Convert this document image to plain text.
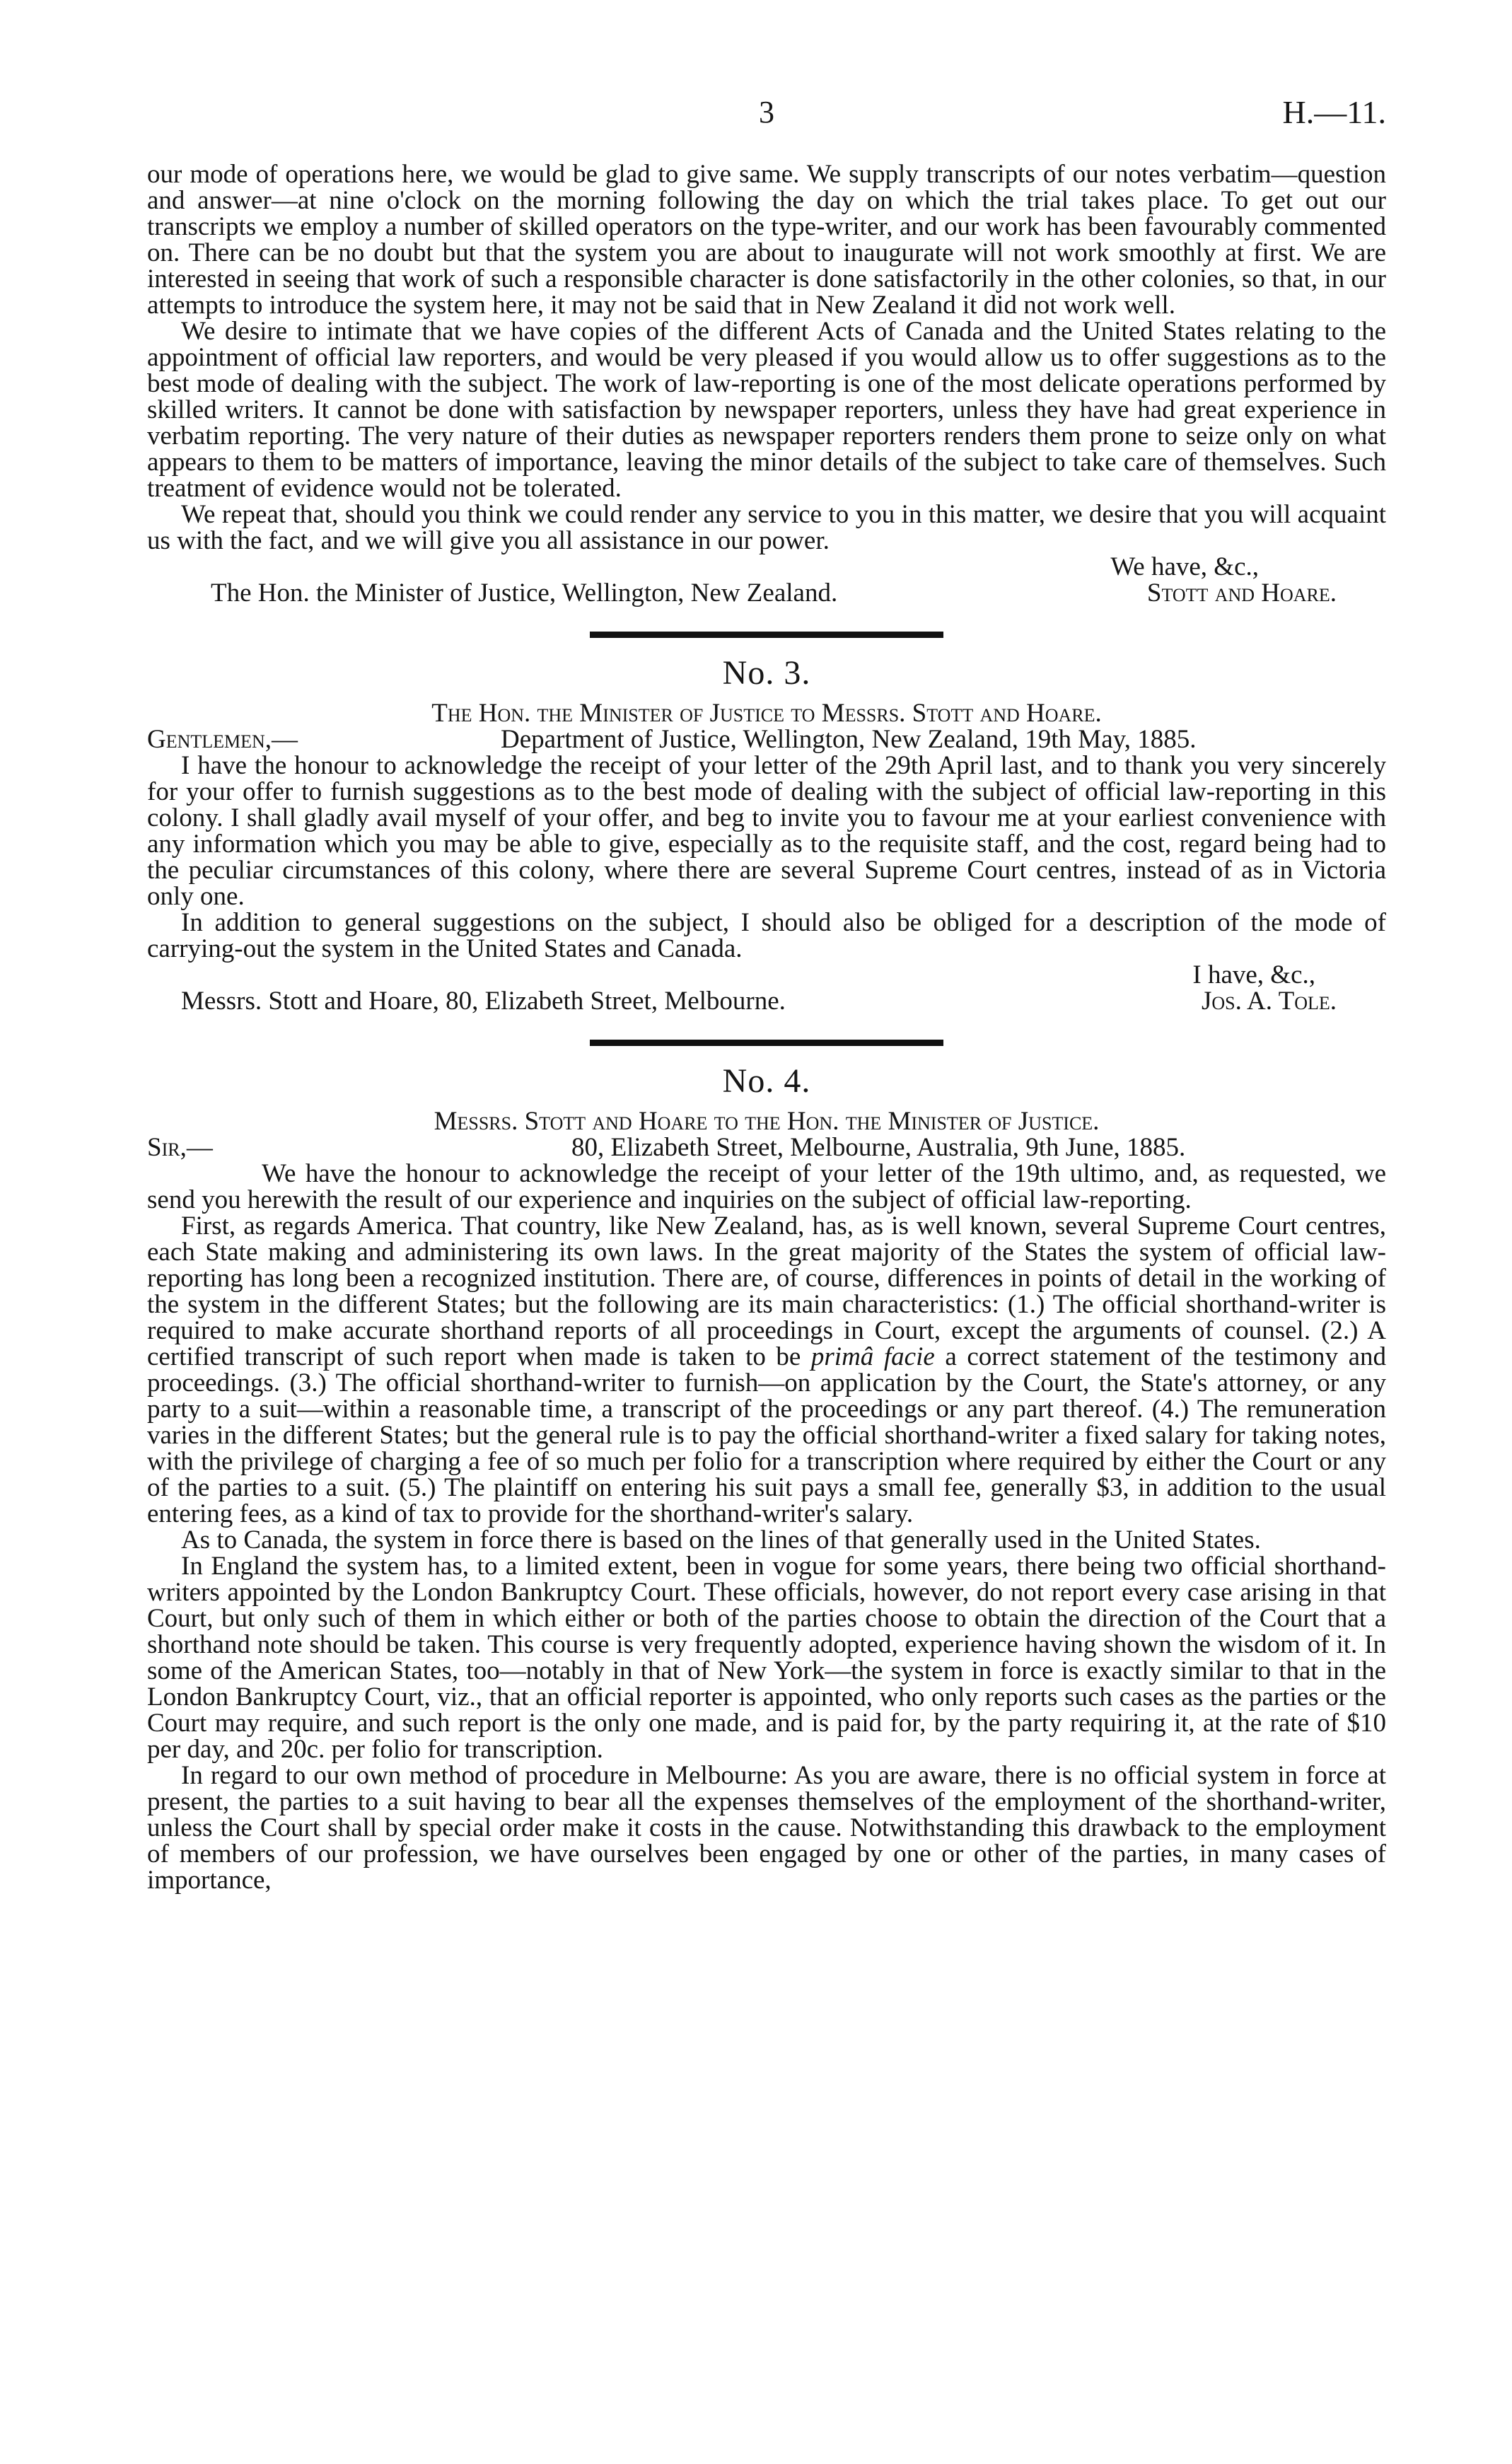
3	H.—11.

our mode of operations here, we would be glad to give same. We supply transcripts of our notes verbatim—question and answer—at nine o'clock on the morning following the day on which the trial takes place. To get out our transcripts we employ a number of skilled operators on the type-writer, and our work has been favourably commented on. There can be no doubt but that the system you are about to inaugurate will not work smoothly at first. We are interested in seeing that work of such a responsible character is done satisfactorily in the other colonies, so that, in our attempts to introduce the system here, it may not be said that in New Zealand it did not work well.

We desire to intimate that we have copies of the different Acts of Canada and the United States relating to the appointment of official law reporters, and would be very pleased if you would allow us to offer suggestions as to the best mode of dealing with the subject. The work of law-reporting is one of the most delicate operations performed by skilled writers. It cannot be done with satisfaction by newspaper reporters, unless they have had great experience in verbatim reporting. The very nature of their duties as newspaper reporters renders them prone to seize only on what appears to them to be matters of importance, leaving the minor details of the subject to take care of themselves. Such treatment of evidence would not be tolerated.

We repeat that, should you think we could render any service to you in this matter, we desire that you will acquaint us with the fact, and we will give you all assistance in our power.

We have, &c.,

The Hon. the Minister of Justice, Wellington, New Zealand.	Stott and Hoare.
No. 3.
The Hon. the Minister of Justice to Messrs. Stott and Hoare.
Gentlemen,—	Department of Justice, Wellington, New Zealand, 19th May, 1885.

I have the honour to acknowledge the receipt of your letter of the 29th April last, and to thank you very sincerely for your offer to furnish suggestions as to the best mode of dealing with the subject of official law-reporting in this colony. I shall gladly avail myself of your offer, and beg to invite you to favour me at your earliest convenience with any information which you may be able to give, especially as to the requisite staff, and the cost, regard being had to the peculiar circumstances of this colony, where there are several Supreme Court centres, instead of as in Victoria only one.

In addition to general suggestions on the subject, I should also be obliged for a description of the mode of carrying-out the system in the United States and Canada.

I have, &c.,

Messrs. Stott and Hoare, 80, Elizabeth Street, Melbourne.	Jos. A. Tole.
No. 4.
Messrs. Stott and Hoare to the Hon. the Minister of Justice.
Sir,—	80, Elizabeth Street, Melbourne, Australia, 9th June, 1885.

We have the honour to acknowledge the receipt of your letter of the 19th ultimo, and, as requested, we send you herewith the result of our experience and inquiries on the subject of official law-reporting.

First, as regards America. That country, like New Zealand, has, as is well known, several Supreme Court centres, each State making and administering its own laws. In the great majority of the States the system of official law-reporting has long been a recognized institution. There are, of course, differences in points of detail in the working of the system in the different States; but the following are its main characteristics: (1.) The official shorthand-writer is required to make accurate shorthand reports of all proceedings in Court, except the arguments of counsel. (2.) A certified transcript of such report when made is taken to be primâ facie a correct statement of the testimony and proceedings. (3.) The official shorthand-writer to furnish—on application by the Court, the State's attorney, or any party to a suit—within a reasonable time, a transcript of the proceedings or any part thereof. (4.) The remuneration varies in the different States; but the general rule is to pay the official shorthand-writer a fixed salary for taking notes, with the privilege of charging a fee of so much per folio for a transcription where required by either the Court or any of the parties to a suit. (5.) The plaintiff on entering his suit pays a small fee, generally $3, in addition to the usual entering fees, as a kind of tax to provide for the shorthand-writer's salary.

As to Canada, the system in force there is based on the lines of that generally used in the United States.

In England the system has, to a limited extent, been in vogue for some years, there being two official shorthand-writers appointed by the London Bankruptcy Court. These officials, however, do not report every case arising in that Court, but only such of them in which either or both of the parties choose to obtain the direction of the Court that a shorthand note should be taken. This course is very frequently adopted, experience having shown the wisdom of it. In some of the American States, too—notably in that of New York—the system in force is exactly similar to that in the London Bankruptcy Court, viz., that an official reporter is appointed, who only reports such cases as the parties or the Court may require, and such report is the only one made, and is paid for, by the party requiring it, at the rate of $10 per day, and 20c. per folio for transcription.

In regard to our own method of procedure in Melbourne: As you are aware, there is no official system in force at present, the parties to a suit having to bear all the expenses themselves of the employment of the shorthand-writer, unless the Court shall by special order make it costs in the cause. Notwithstanding this drawback to the employment of members of our profession, we have ourselves been engaged by one or other of the parties, in many cases of importance,
